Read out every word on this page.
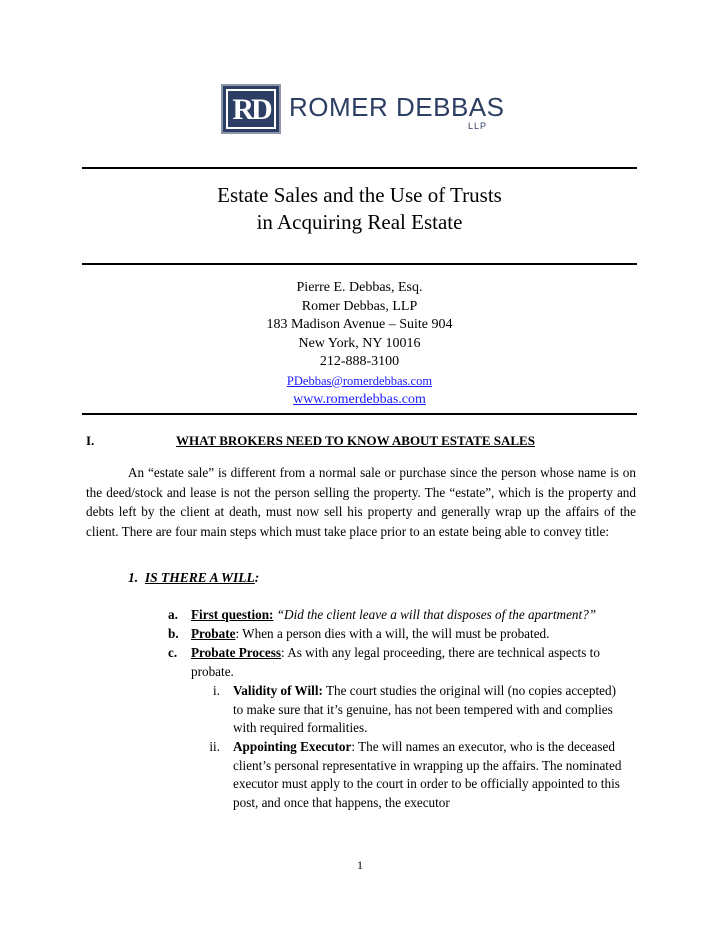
RD ROMER DEBBAS
LLP
Estate Sales and the Use of Trusts
in Acquiring Real Estate
Pierre E. Debbas, Esq.
Romer Debbas, LLP
183 Madison Avenue – Suite 904
New York, NY 10016
212-888-3100
PDebbas@romerdebbas.com
www.romerdebbas.com
I.	WHAT BROKERS NEED TO KNOW ABOUT ESTATE SALES
An “estate sale” is different from a normal sale or purchase since the person whose name is on the deed/stock and lease is not the person selling the property. The “estate”, which is the property and debts left by the client at death, must now sell his property and generally wrap up the affairs of the client. There are four main steps which must take place prior to an estate being able to convey title:
1. IS THERE A WILL:
a. First question: “Did the client leave a will that disposes of the apartment?”
b. Probate: When a person dies with a will, the will must be probated.
c. Probate Process: As with any legal proceeding, there are technical aspects to probate.
i. Validity of Will: The court studies the original will (no copies accepted) to make sure that it’s genuine, has not been tempered with and complies with required formalities.
ii. Appointing Executor: The will names an executor, who is the deceased client’s personal representative in wrapping up the affairs. The nominated executor must apply to the court in order to be officially appointed to this post, and once that happens, the executor
1
